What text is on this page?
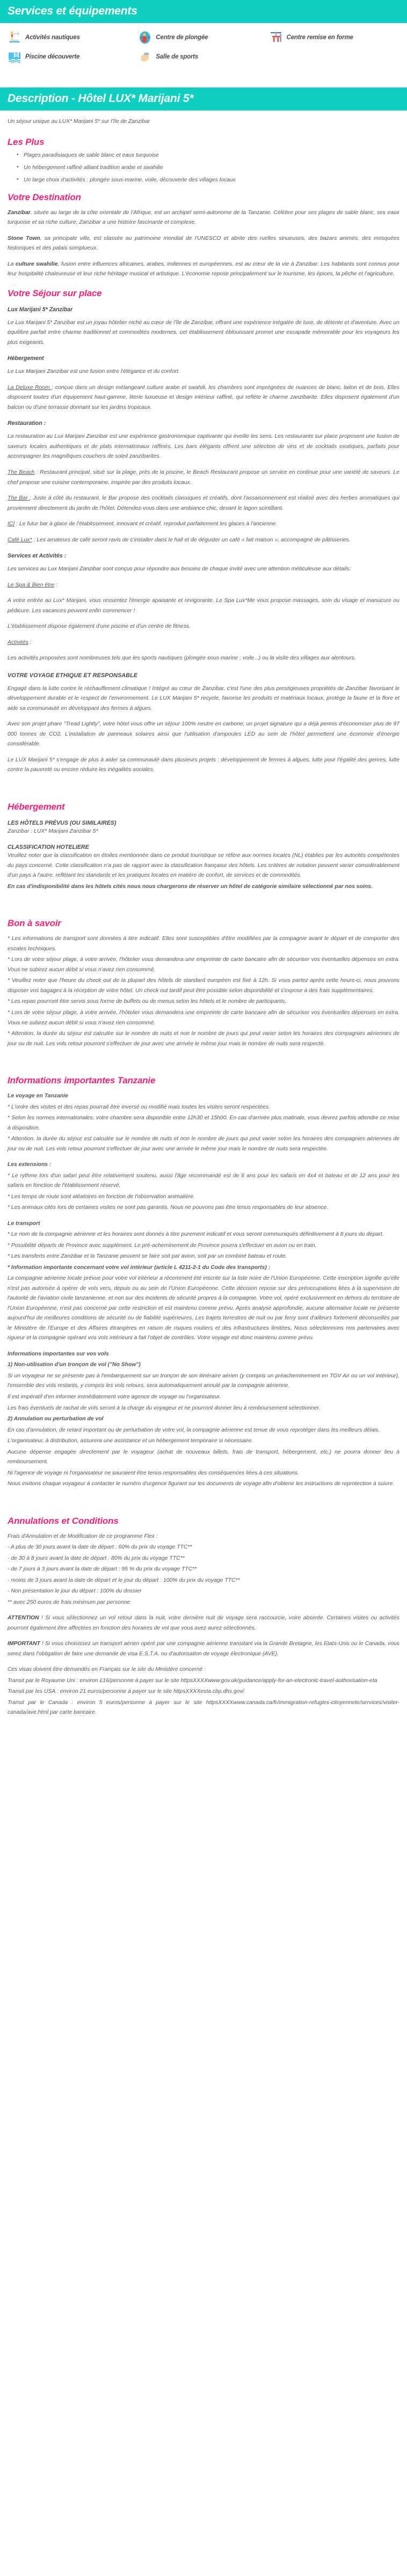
Services et équipements
Activités nautiques	Centre de plongée	Centre remise en forme
Piscine découverte	Salle de sports
Description - Hôtel LUX* Marijani 5*

Un séjour unique au LUX* Marijani 5* sur l'île de Zanzibar

Les Plus
• Plages paradisiaques de sable blanc et eaux turquoise
• Un hébergement raffiné alliant tradition arabe et swahilie
• Un large choix d'activités : plongée sous-marine, voile, découverte des villages locaux
Votre Destination

Zanzibar, située au large de la côte orientale de l'Afrique, est un archipel semi-autonome de la Tanzanie. Célèbre pour ses plages de sable blanc, ses eaux turquoise et sa riche culture, Zanzibar a une histoire fascinante et complexe.

Stone Town, sa principale ville, est classée au patrimoine mondial de l'UNESCO et abrite des ruelles sinueuses, des bazars animés, des mosquées historiques et des palais somptueux.

La culture swahilie, fusion entre influences africaines, arabes, indiennes et européennes, est au cœur de la vie à Zanzibar. Les habitants sont connus pour leur hospitalité chaleureuse et leur riche héritage musical et artistique. L'économie repose principalement sur le tourisme, les épices, la pêche et l'agriculture.

Votre Séjour sur place
Lux Marijani 5* Zanzibar

Le Lux Marijani 5* Zanzibar est un joyau hôtelier niché au cœur de l'île de Zanzibar, offrant une expérience inégalée de luxe, de détente et d'aventure. Avec un équilibre parfait entre charme traditionnel et commodités modernes, cet établissement éblouissant promet une escapade mémorable pour les voyageurs les plus exigeants.

Hébergement

Le Lux Marijani Zanzibar est une fusion entre l'élégance et du confort.

La Deluxe Room : conçue dans un design mélangeant culture arabe et swahili, les chambres sont imprégnées de nuances de blanc, laiton et de bois. Elles disposent toutes d'un équipement haut-gamme, literie luxueuse et design intérieur raffiné, qui reflète le charme zanzibarite. Elles disposent également d'un balcon ou d'une terrasse donnant sur les jardins tropicaux.

Restauration :

La restauration au Lux Marijani Zanzibar est une expérience gastronomique captivante qui éveille les sens. Les restaurants sur place proposent une fusion de saveurs locales authentiques et de plats internationaux raffinés. Les bars élégants offrent une sélection de vins et de cocktails exotiques, parfaits pour accompagner les magnifiques couchers de soleil zanzibarites.

The Beach : Restaurant principal, situé sur la plage, près de la piscine, le Beach Restaurant propose un service en continue pour une variété de saveurs. Le chef propose une cuisine contemporaine, inspirée par des produits locaux.

The Bar : Juste à côté du restaurant, le Bar propose des cocktails classiques et créatifs, dont l'assaisonnement est réalisé avec des herbes aromatiques qui proviennent directement du jardin de l'hôtel. Détendez-vous dans une ambiance chic, devant le lagon scintillant.

ICI : Le futur bar à glace de l'établissement, innovant et créatif, reproduit parfaitement les glaces à l'ancienne.

Café Lux* : Les amateurs de café seront ravis de s'installer dans le hall et de déguster un café « fait maison », accompagné de pâtisseries.

Services et Activités :

Les services au Lux Marijani Zanzibar sont conçus pour répondre aux besoins de chaque invité avec une attention méticuleuse aux détails.

Le Spa & Bien être :

A votre entrée au Lux* Marijani, vous ressentez l'énergie apaisante et revigorante. Le Spa Lux*Me vous propose massages, soin du visage et manucure ou pédicure. Les vacances peuvent enfin commencer !

L'établissement dispose également d'une piscine et d'un centre de fitness.

Activités :

Les activités proposées sont nombreuses tels que les sports nautiques (plongée sous-marine ; voile...) ou la visite des villages aux alentours.

VOTRE VOYAGE ETHIQUE ET RESPONSABLE

Engagé dans la lutte contre le réchauffement climatique ! Intégré au cœur de Zanzibar, c'est l'une des plus prestigieuses propriétés de Zanzibar favorisant le développement durable et le respect de l'environnement. Le LUX Marijani 5* recycle, favorise les produits et matériaux locaux, protège la faune et la flore et aide sa communauté en développant des fermes à algues.

Avec son projet phare "Tread Lightly", votre hôtel vous offre un séjour 100% neutre en carbone, un projet signature qui a déjà permis d'économiser plus de 97 000 tonnes de CO2. L'installation de panneaux solaires ainsi que l'utilisation d'ampoules LED au sein de l'hôtel permettent une économie d'énergie considérable.

Le LUX Marijani 5* s'engage de plus à aider sa communauté dans plusieurs projets : développement de fermes à algues, lutte pour l'égalité des genres, lutte contre la pauvreté ou encore réduire les inégalités sociales.

Hébergement
LES HÔTELS PRÉVUS (OU SIMILAIRES)

Zanzibar : LUX* Marijani Zanzibar 5*

CLASSIFICATION HOTELIERE

Veuillez noter que la classification en étoiles mentionnée dans ce produit touristique se réfère aux normes locales (NL) établies par les autorités compétentes du pays concerné. Cette classification n'a pas de rapport avec la classification française des hôtels. Les critères de notation peuvent varier considérablement d'un pays à l'autre, reflétant les standards et les pratiques locales en matière de confort, de services et de commodités.

En cas d'indisponibilité dans les hôtels cités nous nous chargerons de réserver un hôtel de catégorie similaire sélectionné par nos soins.

Bon à savoir

* Les informations de transport sont données à titre indicatif. Elles sont susceptibles d'être modifiées par la compagnie avant le départ et de comporter des escales techniques.

* Lors de votre séjour plage, à votre arrivée, l'hôtelier vous demandera une empreinte de carte bancaire afin de sécuriser vos éventuelles dépenses en extra. Vous ne subirez aucun débit si vous n'avez rien consommé.

* Veuillez noter que l'heure du check out de la plupart des hôtels de standard européen est fixé à 12h. Si vous partez après cette heure-ci, nous pouvons disposer vos bagages à la réception de votre hôtel. Un check out tardif peut être possible selon disponibilité et s'expose à des frais supplémentaires.

* Les repas pourront être servis sous forme de buffets ou de menus selon les hôtels et le nombre de participants.

* Lors de votre séjour plage, à votre arrivée, l'hôtelier vous demandera une empreinte de carte bancaire afin de sécuriser vos éventuelles dépenses en extra. Vous ne subirez aucun débit si vous n'avez rien consommé.

* Attention, la durée du séjour est calculée sur le nombre de nuits et non le nombre de jours qui peut varier selon les horaires des compagnies aériennes de jour ou de nuit. Les vols retour pourront s'effectuer de jour avec une arrivée le même jour mais le nombre de nuits sera respecté.

Informations importantes Tanzanie

Le voyage en Tanzanie

* L'ordre des visites et des repas pourrait être inversé ou modifié mais toutes les visites seront respectées.

* Selon les normes internationales, votre chambre sera disponible entre 12h30 et 15h00. En cas d'arrivée plus matinale, vous devrez parfois attendre ce mise à disposition.

* Attention, la durée du séjour est calculée sur le nombre de nuits et non le nombre de jours qui peut varier selon les horaires des compagnies aériennes de jour ou de nuit. Les vols retour pourront s'effectuer de jour avec une arrivée le même jour mais le nombre de nuits sera respectée.

Les extensions :

* Le rythme lors d'un safari peut être relativement soutenu, aussi l'âge recommandé est de 6 ans pour les safaris en 4x4 et bateau et de 12 ans pour les safaris en fonction de l'établissement réservé.

* Les temps de route sont aléatoires en fonction de l'observation animalière.

* Les animaux cités lors de certaines visites ne sont pas garantis. Nous ne pouvons pas être tenus responsables de leur absence.

Le transport

* Le nom de la compagnie aérienne et les horaires sont donnés à titre purement indicatif et vous seront communiqués définitivement à 8 jours du départ.

* Possibilité départs de Province avec supplément. Le pré-acheminement de Province pourra s'effectuer en avion ou en train.

* Les transferts entre Zanzibar et la Tanzanie peuvent se faire soit par avion, soit par un combiné bateau et route.

* Information importante concernant votre vol intérieur (article L 4211-2-1 du Code des transports) :

La compagnie aérienne locale prévue pour votre vol intérieur a récemment été inscrite sur la liste noire de l'Union Européenne. Cette inscription signifie qu'elle n'est pas autorisée à opérer de vols vers, depuis ou au sein de l'Union Européenne. Cette décision repose sur des préoccupations liées à la supervision de l'autorité de l'aviation civile tanzanienne, et non sur des incidents de sécurité propres à la compagnie. Votre vol, opéré exclusivement en dehors du territoire de l'Union Européenne, n'est pas concerné par cette restriction et est maintenu comme prévu. Après analyse approfondie, aucune alternative locale ne présente aujourd'hui de meilleures conditions de sécurité ou de fiabilité supérieures. Les trajets terrestres de nuit ou par ferry sont d'ailleurs fortement déconseillés par le Ministère de l'Europe et des Affaires étrangères en raison de risques routiers et des infrastructures limitées. Nous sélectionnons nos partenaires avec rigueur et la compagnie opérant vos vols intérieurs a fait l'objet de contrôles. Votre voyage est donc maintenu comme prévu.

Informations importantes sur vos vols

1) Non-utilisation d'un tronçon de vol ("No Show")

Si un voyageur ne se présente pas à l'embarquement sur un tronçon de son itinéraire aérien (y compris un préacheminement en TGV Air ou un vol intérieur), l'ensemble des vols restants, y compris les vols retours, sera automatiquement annulé par la compagnie aérienne.

Il est impératif d'en informer immédiatement votre agence de voyage ou l'organisateur.

Les frais éventuels de rachat de vols seront à la charge du voyageur et ne pourront donner lieu à remboursement sélectionner.

2) Annulation ou perturbation de vol

En cas d'annulation, de retard important ou de perturbation de votre vol, la compagnie aérienne est tenue de vous reprotéger dans les meilleurs délais.

L'organisateur, à distribution, assurera une assistance et un hébergement temporaire si nécessaire.

Aucune dépense engagée directement par le voyageur (achat de nouveaux billets, frais de transport, hébergement, etc.) ne pourra donner lieu à remboursement.

Ni l'agence de voyage ni l'organisateur ne sauraient être tenus responsables des conséquences liées à ces situations.

Nous invitons chaque voyageur à contacter le numéro d'urgence figurant sur les documents de voyage afin d'obtenir les instructions de reprotection à suivre.

Annulations et Conditions

Frais d'Annulation et de Modification de ce programme Flex :

- A plus de 30 jours avant la date de départ : 60% du prix du voyage TTC**

- de 30 à 8 jours avant la date de départ : 80% du prix du voyage TTC**

- de 7 jours à 3 jours avant la date de départ : 95 % du prix du voyage TTC**

- moins de 3 jours avant la date de départ et le jour du départ : 100% du prix du voyage TTC**

- Non présentation le jour du départ : 100% du dossier

** avec 250 euros de frais minimum par personne

ATTENTION ! Si vous sélectionnez un vol retour dans la nuit, votre dernière nuit de voyage sera raccourcie, voire absente. Certaines visites ou activités pourront également être affectées en fonction des horaires de vol que vous avez aurez sélectionnés.

IMPORTANT ! Si vous choisissez un transport aérien opéré par une compagnie aérienne transitant via la Grande Bretagne, les Etats-Unis ou le Canada, vous serez dans l'obligation de faire une demande de visa E.S.T.A. ou d'autorisation de voyage électronique (AVE).

Ces visas doivent être demandés en Français sur le site du Ministère concerné :

Transit par le Royaume Uni : environ £16/personne à payer sur le site httpsXXXXwww.gov.uk/guidance/apply-for-an-electronic-travel-authorisation-eta

Transit par les USA : environ 21 euros/personne à payer sur le site httpsXXXXesta.cbp.dhs.gov/

Transit par le Canada : environ 5 euros/personne à payer sur le site httpsXXXXwww.canada.ca/fr/immigration-refugies-citoyennete/services/visiter-canada/ave.html par carte bancaire.
